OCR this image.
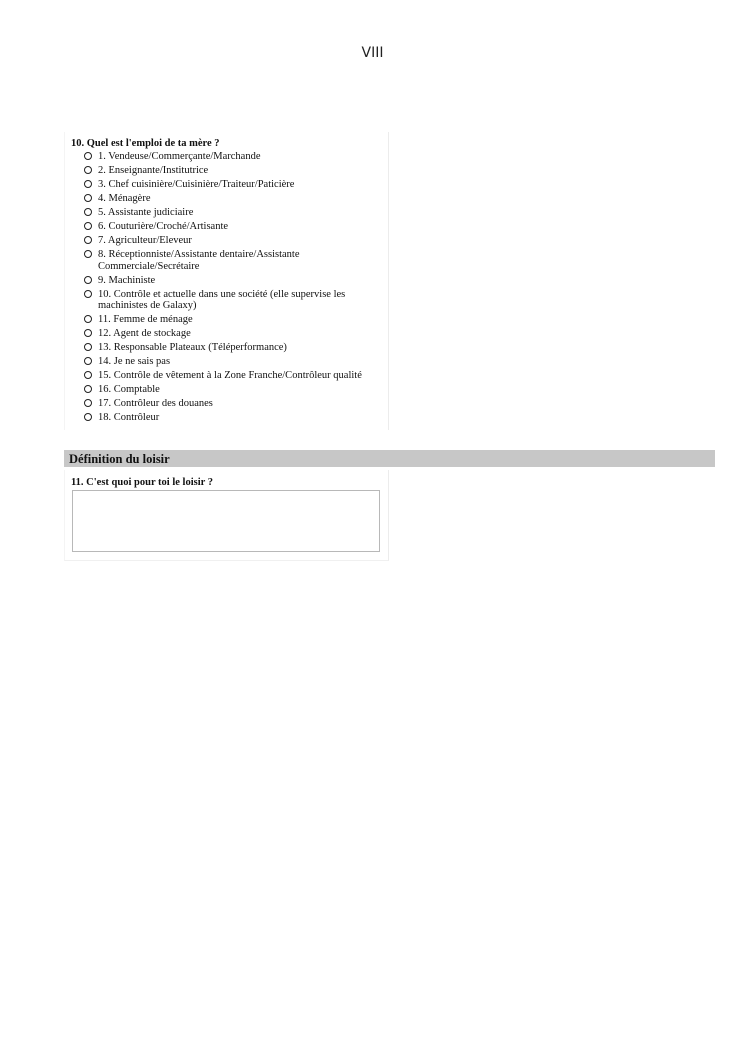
VIII
10. Quel est l'emploi de ta mère ?
1. Vendeuse/Commerçante/Marchande
2. Enseignante/Institutrice
3. Chef cuisinière/Cuisinière/Traiteur/Paticière
4. Ménagère
5. Assistante judiciaire
6. Couturière/Croché/Artisante
7. Agriculteur/Eleveur
8. Réceptionniste/Assistante dentaire/Assistante Commerciale/Secrétaire
9. Machiniste
10. Contrôle et actuelle dans une société (elle supervise les machinistes de Galaxy)
11. Femme de ménage
12. Agent de stockage
13. Responsable Plateaux (Téléperformance)
14. Je ne sais pas
15. Contrôle de vêtement à la Zone Franche/Contrôleur qualité
16. Comptable
17. Contrôleur des douanes
18. Contrôleur
Définition du loisir
11. C'est quoi pour toi le loisir ?
